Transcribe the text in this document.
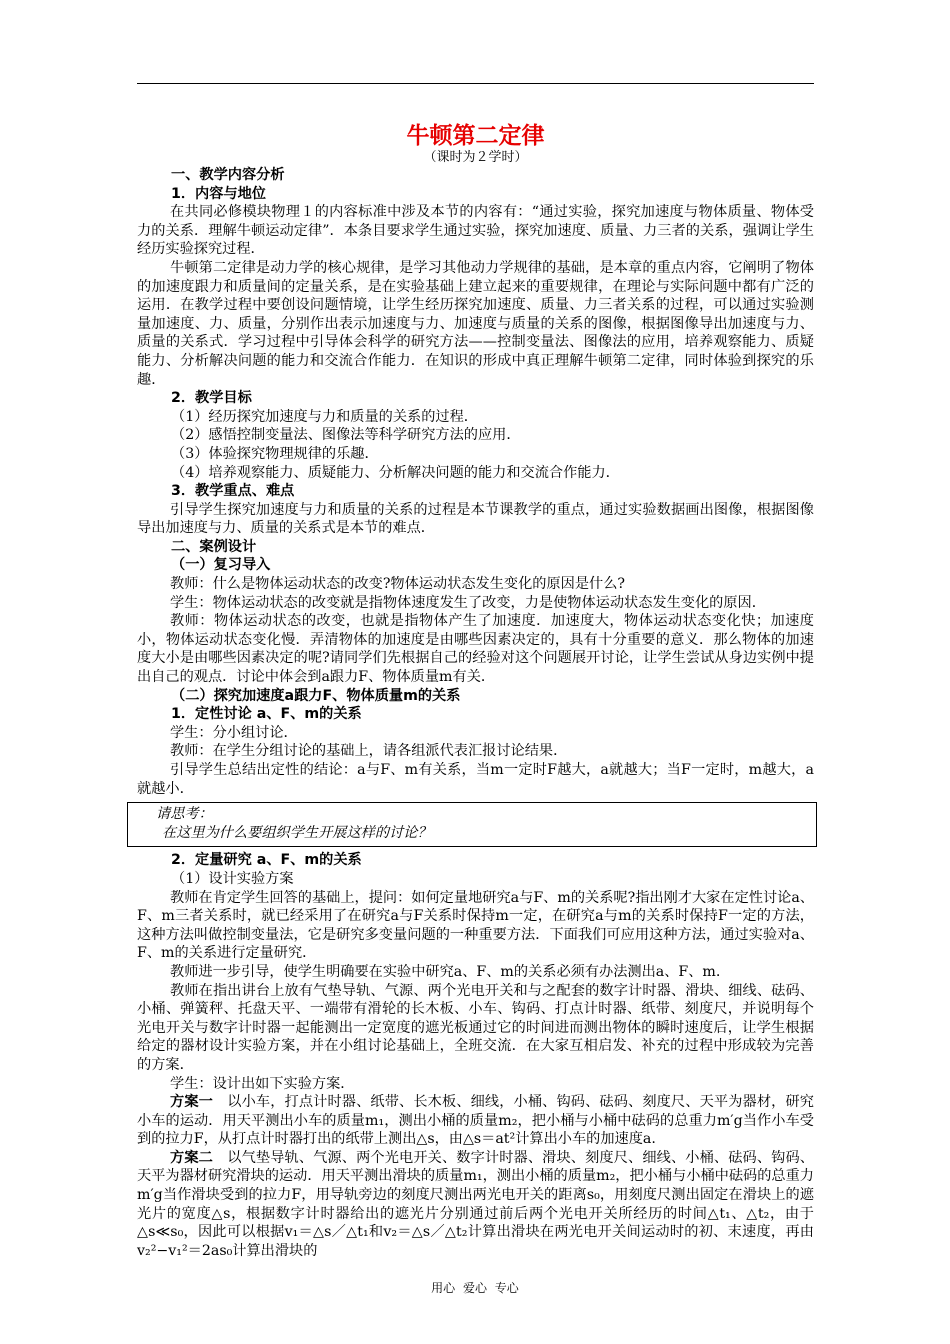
牛顿第二定律
（课时为２学时）
一、教学内容分析
1．内容与地位
在共同必修模块物理１的内容标准中涉及本节的内容有：“通过实验，探究加速度与物体质量、物体受力的关系．理解牛顿运动定律”．本条目要求学生通过实验，探究加速度、质量、力三者的关系，强调让学生经历实验探究过程．
牛顿第二定律是动力学的核心规律，是学习其他动力学规律的基础，是本章的重点内容，它阐明了物体的加速度跟力和质量间的定量关系，是在实验基础上建立起来的重要规律，在理论与实际问题中都有广泛的运用．在教学过程中要创设问题情境，让学生经历探究加速度、质量、力三者关系的过程，可以通过实验测量加速度、力、质量，分别作出表示加速度与力、加速度与质量的关系的图像，根据图像导出加速度与力、质量的关系式．学习过程中引导体会科学的研究方法——控制变量法、图像法的应用，培养观察能力、质疑能力、分析解决问题的能力和交流合作能力．在知识的形成中真正理解牛顿第二定律，同时体验到探究的乐趣．
2．教学目标
（1）经历探究加速度与力和质量的关系的过程．
（2）感悟控制变量法、图像法等科学研究方法的应用．
（3）体验探究物理规律的乐趣．
（4）培养观察能力、质疑能力、分析解决问题的能力和交流合作能力．
3．教学重点、难点
引导学生探究加速度与力和质量的关系的过程是本节课教学的重点，通过实验数据画出图像，根据图像导出加速度与力、质量的关系式是本节的难点．
二、案例设计
（一）复习导入
教师：什么是物体运动状态的改变?物体运动状态发生变化的原因是什么?
学生：物体运动状态的改变就是指物体速度发生了改变，力是使物体运动状态发生变化的原因．
教师：物体运动状态的改变，也就是指物体产生了加速度．加速度大，物体运动状态变化快；加速度小，物体运动状态变化慢．弄清物体的加速度是由哪些因素决定的，具有十分重要的意义．那么物体的加速度大小是由哪些因素决定的呢?请同学们先根据自己的经验对这个问题展开讨论，让学生尝试从身边实例中提出自己的观点．讨论中体会到a跟力F、物体质量m有关．
（二）探究加速度a跟力F、物体质量m的关系
1．定性讨论 a、F、m的关系
学生：分小组讨论．
教师：在学生分组讨论的基础上，请各组派代表汇报讨论结果．
引导学生总结出定性的结论：a与F、m有关系，当m一定时F越大，a就越大；当F一定时，m越大，a就越小．
请思考：
在这里为什么要组织学生开展这样的讨论？
2．定量研究 a、F、m的关系
（1）设计实验方案
教师在肯定学生回答的基础上，提问：如何定量地研究a与F、m的关系呢?指出刚才大家在定性讨论a、F、m三者关系时，就已经采用了在研究a与F关系时保持m一定，在研究a与m的关系时保持F一定的方法，这种方法叫做控制变量法，它是研究多变量问题的一种重要方法．下面我们可应用这种方法，通过实验对a、F、m的关系进行定量研究．
教师进一步引导，使学生明确要在实验中研究a、F、m的关系必须有办法测出a、F、m.
教师在指出讲台上放有气垫导轨、气源、两个光电开关和与之配套的数字计时器、滑块、细线、砝码、小桶、弹簧秤、托盘天平、一端带有滑轮的长木板、小车、钩码、打点计时器、纸带、刻度尺，并说明每个光电开关与数字计时器一起能测出一定宽度的遮光板通过它的时间进而测出物体的瞬时速度后，让学生根据给定的器材设计实验方案，并在小组讨论基础上，全班交流．在大家互相启发、补充的过程中形成较为完善的方案．
学生：设计出如下实验方案．
方案一  以小车，打点计时器、纸带、长木板、细线，小桶、钩码、砝码、刻度尺、天平为器材，研究小车的运动．用天平测出小车的质量m₁，测出小桶的质量m₂，把小桶与小桶中砝码的总重力m′g当作小车受到的拉力F，从打点计时器打出的纸带上测出△s，由△s＝at²计算出小车的加速度a.
方案二  以气垫导轨、气源、两个光电开关、数字计时器、滑块、刻度尺、细线、小桶、砝码、钩码、天平为器材研究滑块的运动．用天平测出滑块的质量m₁，测出小桶的质量m₂，把小桶与小桶中砝码的总重力m′g当作滑块受到的拉力F，用导轨旁边的刻度尺测出两光电开关的距离s₀，用刻度尺测出固定在滑块上的遮光片的宽度△s，根据数字计时器给出的遮光片分别通过前后两个光电开关所经历的时间△t₁、△t₂，由于△s≪s₀，因此可以根据v₁＝△s／△t₁和v₂＝△s／△t₂计算出滑块在两光电开关间运动时的初、末速度，再由v₂²−v₁²＝2as₀计算出滑块的
用心 爱心 专心
